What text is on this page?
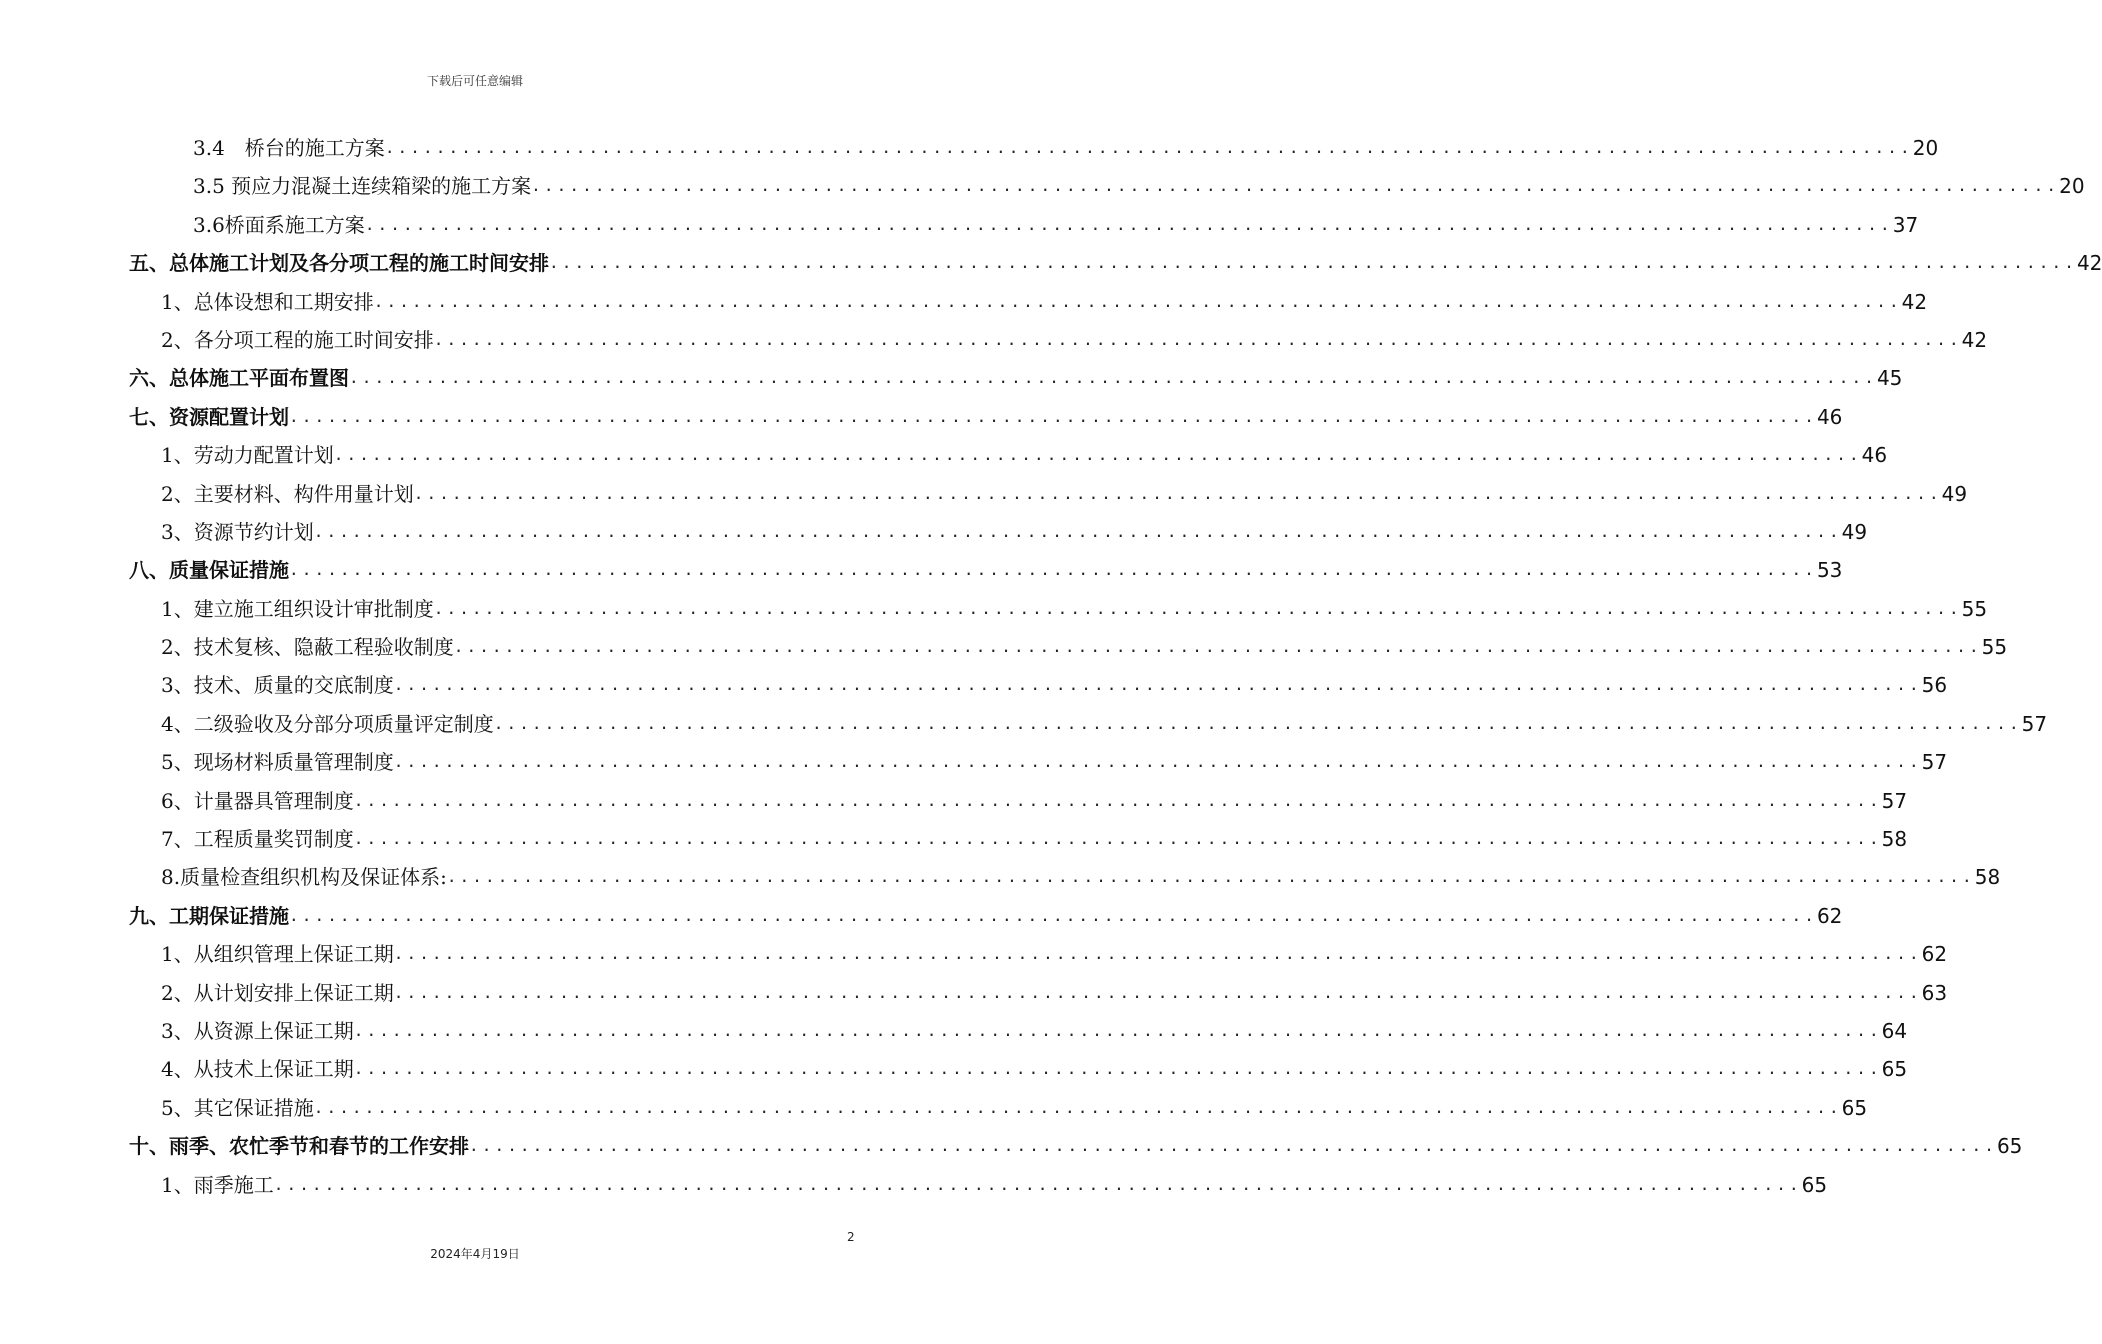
下载后可任意编辑
3.4　桥台的施工方案 ........................................................................................................................ 20
3.5 预应力混凝土连续箱梁的施工方案 ........................................................................................................................ 20
3.6桥面系施工方案 ........................................................................................................................ 37
五、总体施工计划及各分项工程的施工时间安排 ........................................................................................................................ 42
1、总体设想和工期安排 ........................................................................................................................ 42
2、各分项工程的施工时间安排 ........................................................................................................................ 42
六、总体施工平面布置图 ........................................................................................................................ 45
七、资源配置计划 ........................................................................................................................ 46
1、劳动力配置计划 ........................................................................................................................ 46
2、主要材料、构件用量计划 ........................................................................................................................ 49
3、资源节约计划 ........................................................................................................................ 49
八、质量保证措施 ........................................................................................................................ 53
1、建立施工组织设计审批制度 ........................................................................................................................ 55
2、技术复核、隐蔽工程验收制度 ........................................................................................................................ 55
3、技术、质量的交底制度 ........................................................................................................................ 56
4、二级验收及分部分项质量评定制度 ........................................................................................................................ 57
5、现场材料质量管理制度 ........................................................................................................................ 57
6、计量器具管理制度 ........................................................................................................................ 57
7、工程质量奖罚制度 ........................................................................................................................ 58
8.质量检查组织机构及保证体系: ........................................................................................................................ 58
九、工期保证措施 ........................................................................................................................ 62
1、从组织管理上保证工期 ........................................................................................................................ 62
2、从计划安排上保证工期 ........................................................................................................................ 63
3、从资源上保证工期 ........................................................................................................................ 64
4、从技术上保证工期 ........................................................................................................................ 65
5、其它保证措施 ........................................................................................................................ 65
十、雨季、农忙季节和春节的工作安排 ........................................................................................................................ 65
1、雨季施工 ........................................................................................................................ 65
2
2024年4月19日
